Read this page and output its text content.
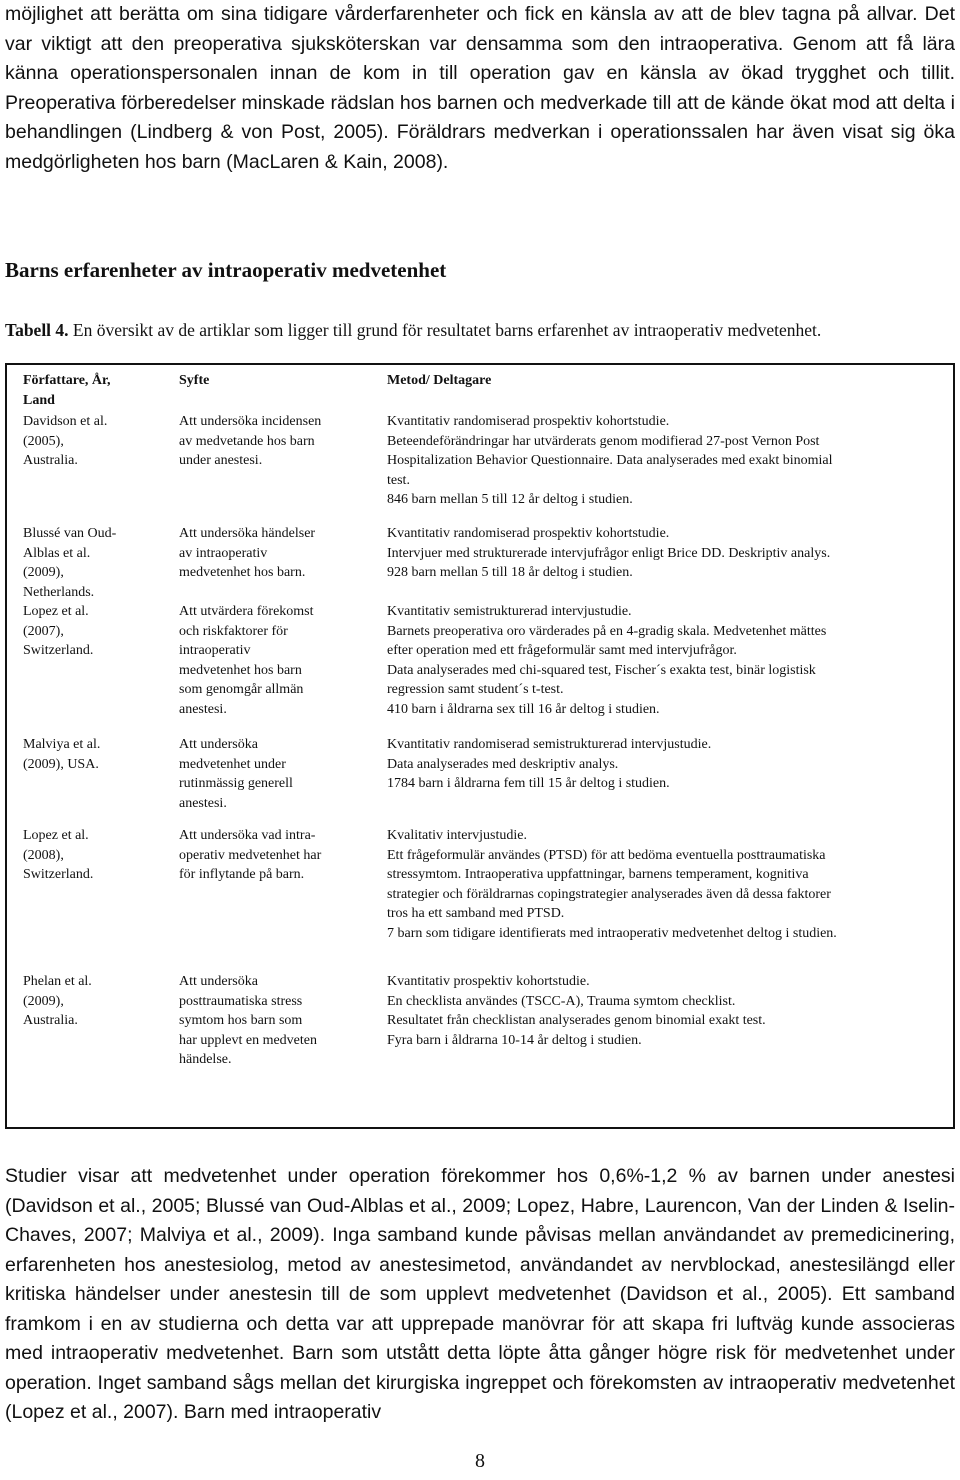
möjlighet att berätta om sina tidigare vårderfarenheter och fick en känsla av att de blev tagna på allvar. Det var viktigt att den preoperativa sjuksköterskan var densamma som den intraoperativa. Genom att få lära känna operationspersonalen innan de kom in till operation gav en känsla av ökad trygghet och tillit. Preoperativa förberedelser minskade rädslan hos barnen och medverkade till att de kände ökat mod att delta i behandlingen (Lindberg & von Post, 2005). Föräldrars medverkan i operationssalen har även visat sig öka medgörligheten hos barn (MacLaren & Kain, 2008).

Barns erfarenheter av intraoperativ medvetenhet

Tabell 4. En översikt av de artiklar som ligger till grund för resultatet barns erfarenhet av intraoperativ medvetenhet.

Författare, År,
Land
Syfte	Metod/ Deltagare
Davidson et al.
(2005),
Australia.
Att undersöka incidensen
av medvetande hos barn
under anestesi.
Kvantitativ randomiserad prospektiv kohortstudie.
Beteendeförändringar har utvärderats genom modifierad 27-post Vernon Post
Hospitalization Behavior Questionnaire. Data analyserades med exakt binomial
test.
846 barn mellan 5 till 12 år deltog i studien.
Blussé van Oud-
Alblas et al.
(2009),
Netherlands.
Att undersöka händelser
av intraoperativ
medvetenhet hos barn.
Kvantitativ randomiserad prospektiv kohortstudie.
Intervjuer med strukturerade intervjufrågor enligt Brice DD. Deskriptiv analys.
928 barn mellan 5 till 18 år deltog i studien.
Lopez et al.
(2007),
Switzerland.
Att utvärdera förekomst
och riskfaktorer för
intraoperativ
medvetenhet hos barn
som genomgår allmän
anestesi.
Kvantitativ semistrukturerad intervjustudie.
Barnets preoperativa oro värderades på en 4-gradig skala. Medvetenhet mättes
efter operation med ett frågeformulär samt med intervjufrågor.
Data analyserades med chi-squared test, Fischer´s exakta test, binär logistisk
regression samt student´s t-test.
410 barn i åldrarna sex till 16 år deltog i studien.
Malviya et al.
(2009), USA.
Att undersöka
medvetenhet under
rutinmässig generell
anestesi.
Kvantitativ randomiserad semistrukturerad intervjustudie.
Data analyserades med deskriptiv analys.
1784 barn i åldrarna fem till 15 år deltog i studien.
Lopez et al.
(2008),
Switzerland.
Att undersöka vad intra-
operativ medvetenhet har
för inflytande på barn.
Kvalitativ intervjustudie.
Ett frågeformulär användes (PTSD) för att bedöma eventuella posttraumatiska
stressymtom. Intraoperativa uppfattningar, barnens temperament, kognitiva
strategier och föräldrarnas copingstrategier analyserades även då dessa faktorer
tros ha ett samband med PTSD.
7 barn som tidigare identifierats med intraoperativ medvetenhet deltog i studien.
Phelan et al.
(2009),
Australia.
Att undersöka
posttraumatiska stress
symtom hos barn som
har upplevt en medveten
händelse.
Kvantitativ prospektiv kohortstudie.
En checklista användes (TSCC-A), Trauma symtom checklist.
Resultatet från checklistan analyserades genom binomial exakt test.
Fyra barn i åldrarna 10-14 år deltog i studien.

Studier visar att medvetenhet under operation förekommer hos 0,6%-1,2 % av barnen under anestesi (Davidson et al., 2005; Blussé van Oud-Alblas et al., 2009; Lopez, Habre, Laurencon, Van der Linden & Iselin-Chaves, 2007; Malviya et al., 2009). Inga samband kunde påvisas mellan användandet av premedicinering, erfarenheten hos anestesiolog, metod av anestesimetod, användandet av nervblockad, anestesilängd eller kritiska händelser under anestesin till de som upplevt medvetenhet (Davidson et al., 2005). Ett samband framkom i en av studierna och detta var att upprepade manövrar för att skapa fri luftväg kunde associeras med intraoperativ medvetenhet. Barn som utstått detta löpte åtta gånger högre risk för medvetenhet under operation. Inget samband sågs mellan det kirurgiska ingreppet och förekomsten av intraoperativ medvetenhet (Lopez et al., 2007). Barn med intraoperativ

8
